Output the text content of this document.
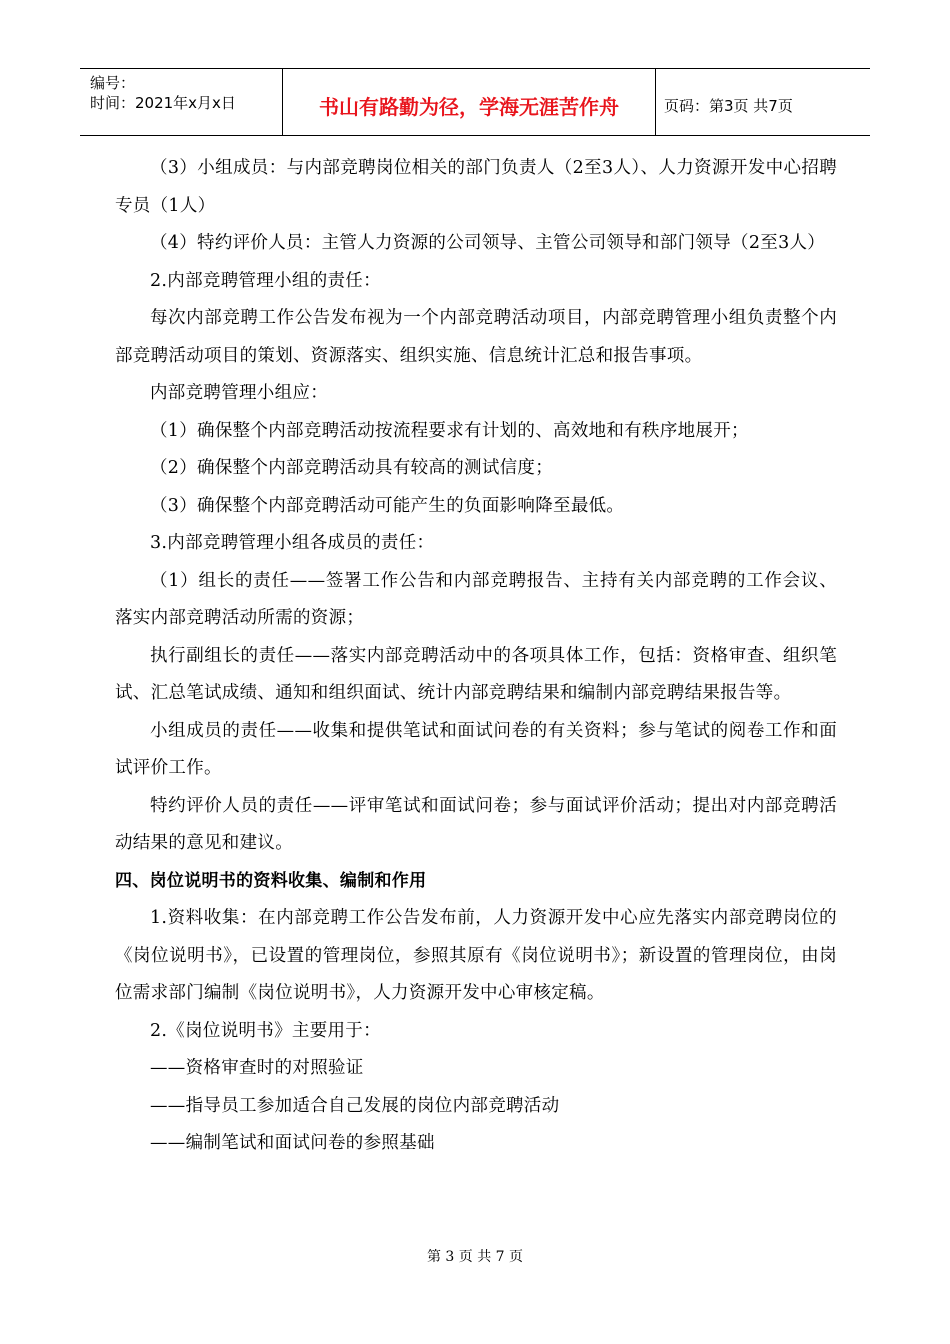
编号：
时间：2021年x月x日	书山有路勤为径，学海无涯苦作舟	页码：第3页 共7页

（3）小组成员：与内部竞聘岗位相关的部门负责人（2至3人）、人力资源开发中心招聘专员（1人）

（4）特约评价人员：主管人力资源的公司领导、主管公司领导和部门领导（2至3人）

2.内部竞聘管理小组的责任：

每次内部竞聘工作公告发布视为一个内部竞聘活动项目，内部竞聘管理小组负责整个内部竞聘活动项目的策划、资源落实、组织实施、信息统计汇总和报告事项。

内部竞聘管理小组应：

（1）确保整个内部竞聘活动按流程要求有计划的、高效地和有秩序地展开；

（2）确保整个内部竞聘活动具有较高的测试信度；

（3）确保整个内部竞聘活动可能产生的负面影响降至最低。

3.内部竞聘管理小组各成员的责任：

（1）组长的责任——签署工作公告和内部竞聘报告、主持有关内部竞聘的工作会议、落实内部竞聘活动所需的资源；

执行副组长的责任——落实内部竞聘活动中的各项具体工作，包括：资格审查、组织笔试、汇总笔试成绩、通知和组织面试、统计内部竞聘结果和编制内部竞聘结果报告等。

小组成员的责任——收集和提供笔试和面试问卷的有关资料；参与笔试的阅卷工作和面试评价工作。

特约评价人员的责任——评审笔试和面试问卷；参与面试评价活动；提出对内部竞聘活动结果的意见和建议。

四、岗位说明书的资料收集、编制和作用

1.资料收集：在内部竞聘工作公告发布前，人力资源开发中心应先落实内部竞聘岗位的《岗位说明书》，已设置的管理岗位，参照其原有《岗位说明书》；新设置的管理岗位，由岗位需求部门编制《岗位说明书》，人力资源开发中心审核定稿。

2.《岗位说明书》主要用于：

——资格审查时的对照验证

——指导员工参加适合自己发展的岗位内部竞聘活动

——编制笔试和面试问卷的参照基础

第 3 页 共 7 页
